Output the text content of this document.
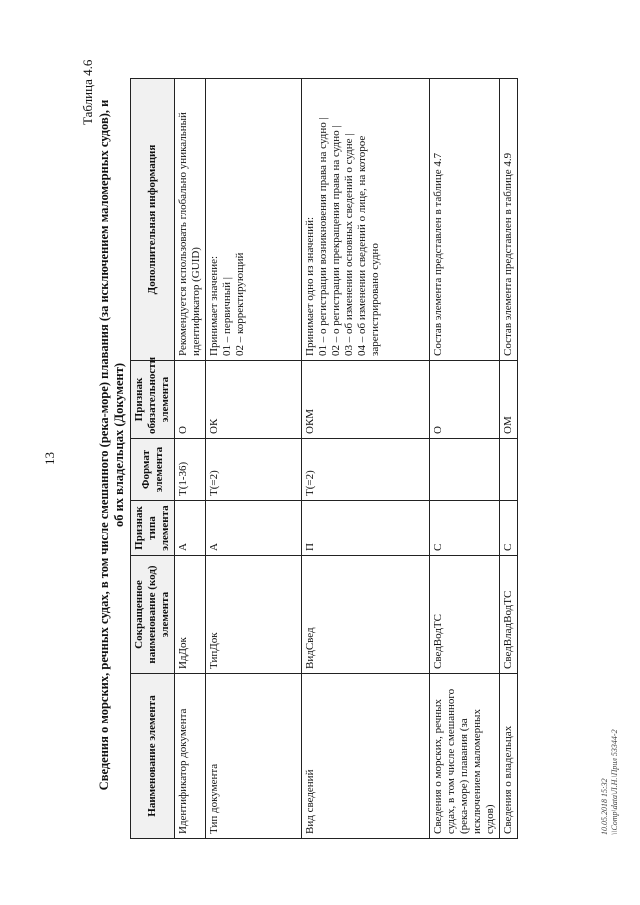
13
Таблица 4.6
Сведения о морских, речных судах, в том числе смешанного (река-море) плавания (за исключением маломерных судов), и об их владельцах (Документ)
Наименование элемента	Сокращенное наименование (код) элемента	Признак типа элемента	Формат элемента	Признак обязательности элемента	Дополнительная информация
Идентификатор документа	ИдДок	А	Т(1-36)	О	Рекомендуется использовать глобально уникальный идентификатор (GUID)

Тип документа	ТипДок	А	Т(=2)	ОК	Принимает значение: 01 – первичный | 02 – корректирующий

Вид сведений	ВидСвед	П	Т(=2)	ОКМ	Принимает одно из значений: 01 – о регистрации возникновения права на судно | 02 – о регистрации прекращения права на судно | 03 – об изменении основных сведений о судне | 04 – об изменении сведений о лице, на которое зарегистрировано судно

Сведения о морских, речных судах, в том числе смешанного (река-море) плавания (за исключением маломерных судов)	СведВодТС	С		О	Состав элемента представлен в таблице 4.7

Сведения о владельцах	СведВладВодТС	С		ОМ	Состав элемента представлен в таблице 4.9
10.05.2018 15:32 \\Comp\data\Л.Н.\Прил 53344-2
